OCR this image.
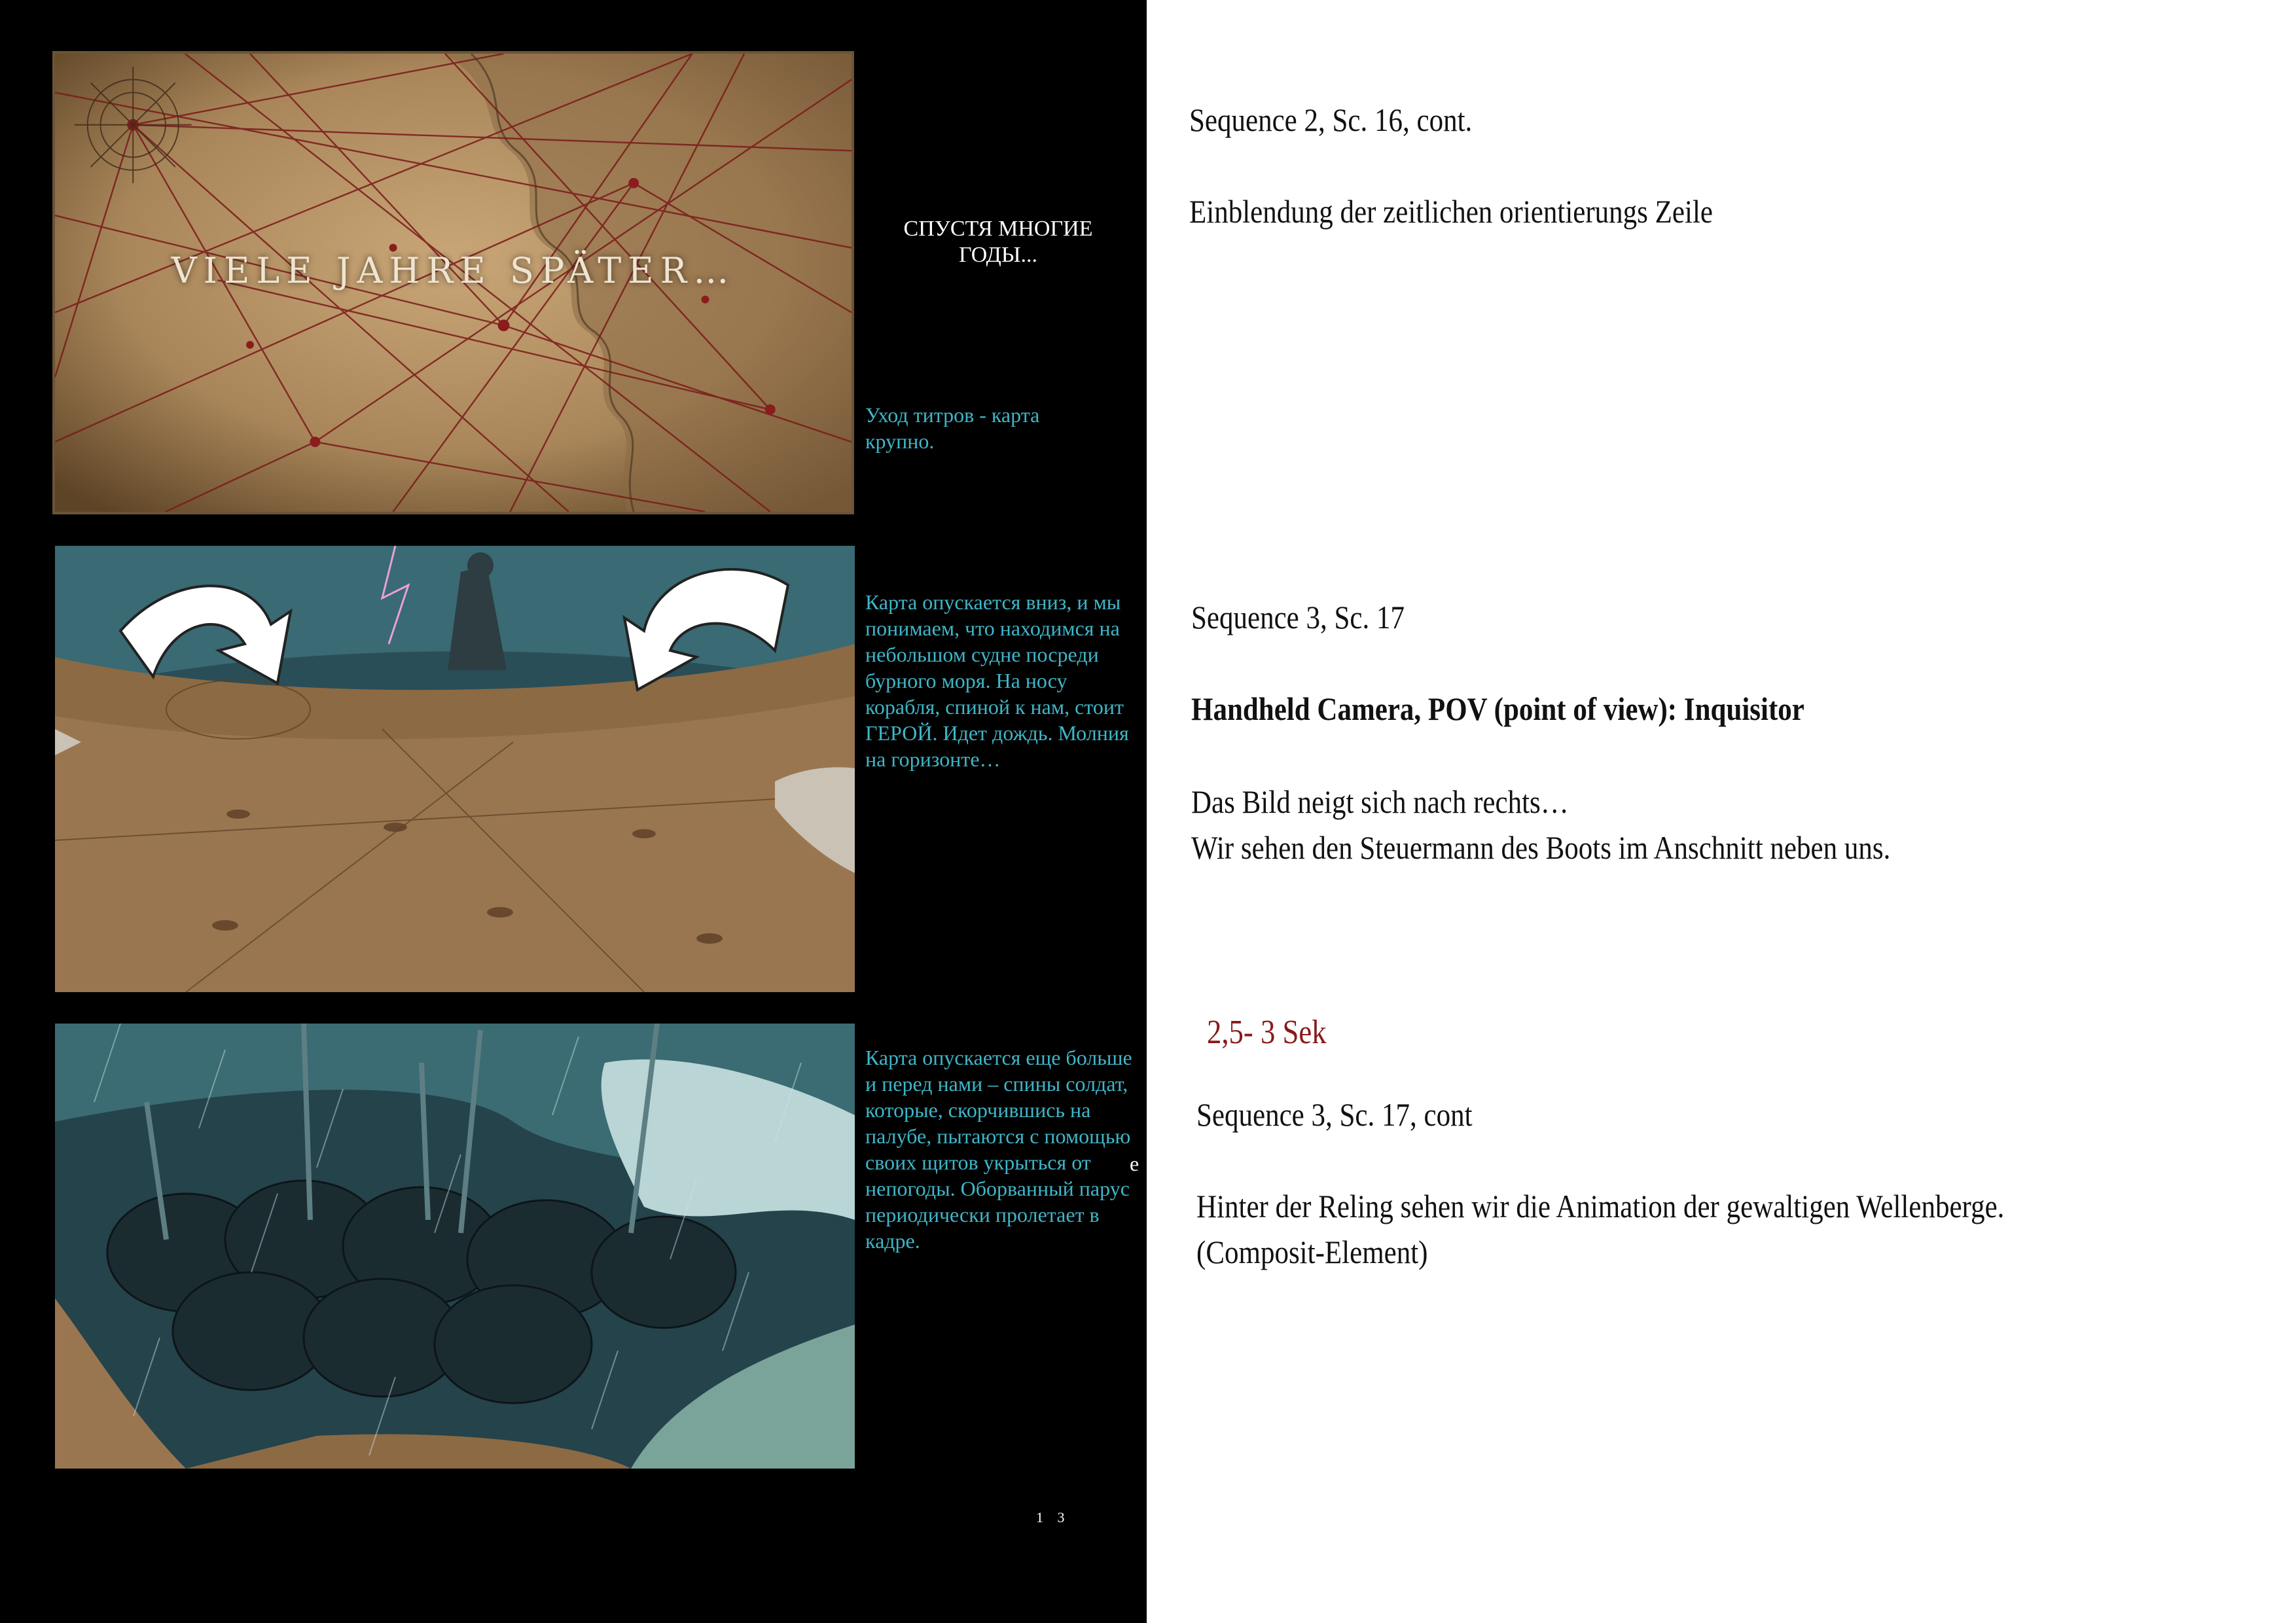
VIELE JAHRE SPÄTER…
СПУСТЯ МНОГИЕ ГОДЫ...
Уход титров - карта крупно.
Карта опускается вниз, и мы понимаем, что находимся на небольшом судне посреди бурного моря. На носу корабля, спиной к нам, стоит ГЕРОЙ. Идет дождь. Молния на горизонте…
Карта опускается еще больше и перед нами – спины солдат, которые, скорчившись на палубе, пытаются с помощью своих щитов укрыться от непогоды. Оборванный парус периодически пролетает в кадре.
e
1 3
Sequence 2, Sc. 16, cont.
Einblendung der zeitlichen orientierungs Zeile
Sequence 3, Sc. 17
Handheld Camera, POV (point of view): Inquisitor
Das Bild neigt sich nach rechts…
Wir sehen den Steuermann des Boots im Anschnitt neben uns.
2,5- 3 Sek
Sequence 3, Sc. 17, cont
Hinter der Reling sehen wir die Animation der gewaltigen Wellenberge.
(Composit-Element)
